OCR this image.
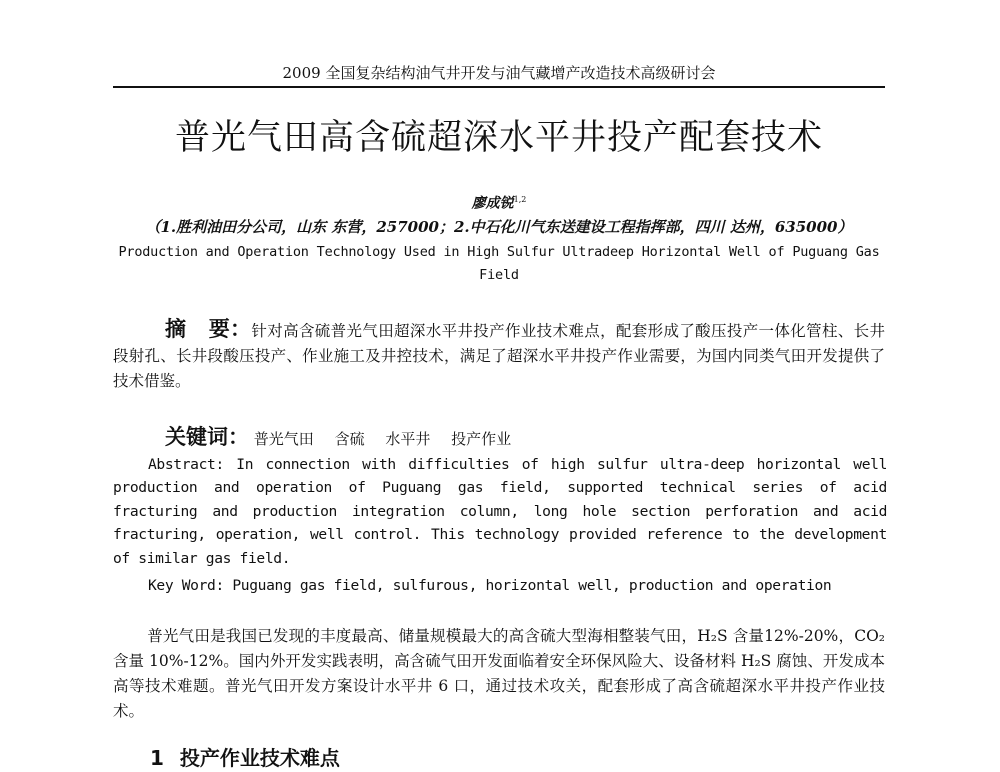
2009 全国复杂结构油气井开发与油气藏增产改造技术高级研讨会
普光气田高含硫超深水平井投产配套技术
廖成锐$^{1,2}$
（1.胜利油田分公司，山东 东营，257000；2.中石化川气东送建设工程指挥部，四川 达州，635000）
Production and Operation Technology Used in High Sulfur Ultradeep Horizontal Well of Puguang Gas Field
摘 要：针对高含硫普光气田超深水平井投产作业技术难点，配套形成了酸压投产一体化管柱、长井段射孔、长井段酸压投产、作业施工及井控技术，满足了超深水平井投产作业需要，为国内同类气田开发提供了技术借鉴。
关键词： 普光气田 含硫 水平井 投产作业
Abstract: In connection with difficulties of high sulfur ultra-deep horizontal well production and operation of Puguang gas field, supported technical series of acid fracturing and production integration column, long hole section perforation and acid fracturing, operation, well control. This technology provided reference to the development of similar gas field.
Key Word: Puguang gas field, sulfurous, horizontal well, production and operation
普光气田是我国已发现的丰度最高、储量规模最大的高含硫大型海相整装气田，H₂S 含量12%-20%，CO₂含量 10%-12%。国内外开发实践表明，高含硫气田开发面临着安全环保风险大、设备材料 H₂S 腐蚀、开发成本高等技术难题。普光气田开发方案设计水平井 6 口，通过技术攻关，配套形成了高含硫超深水平井投产作业技术。
1 投产作业技术难点
